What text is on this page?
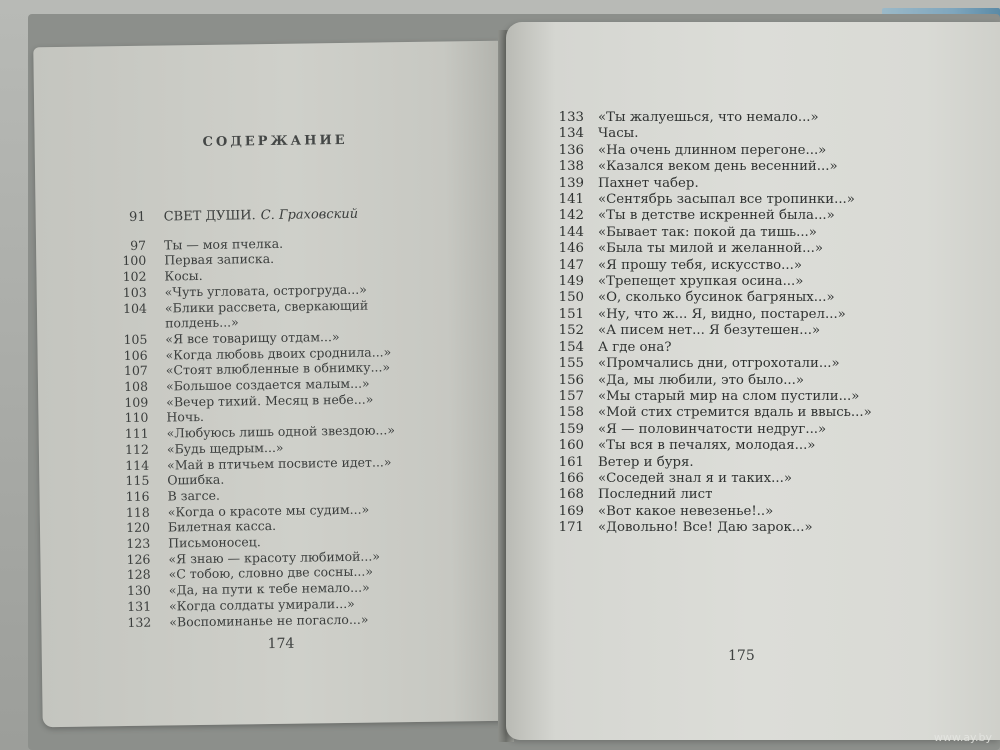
СОДЕРЖАНИЕ
91 СВЕТ ДУШИ. С. Граховский
97 Ты — моя пчелка.
100 Первая записка.
102 Косы.
103 «Чуть угловата, острогруда...»
104 «Блики рассвета, сверкающий
полдень...»
105 «Я все товарищу отдам...»
106 «Когда любовь двоих сроднила...»
107 «Стоят влюбленные в обнимку...»
108 «Большое создается малым...»
109 «Вечер тихий. Месяц в небе...»
110 Ночь.
111 «Любуюсь лишь одной звездою...»
112 «Будь щедрым...»
114 «Май в птичьем посвисте идет...»
115 Ошибка.
116 В загсе.
118 «Когда о красоте мы судим...»
120 Билетная касса.
123 Письмоносец.
126 «Я знаю — красоту любимой...»
128 «С тобою, словно две сосны...»
130 «Да, на пути к тебе немало...»
131 «Когда солдаты умирали...»
132 «Воспоминанье не погасло...»
174
133 «Ты жалуешься, что немало...»
134 Часы.
136 «На очень длинном перегоне...»
138 «Казался веком день весенний...»
139 Пахнет чабер.
141 «Сентябрь засыпал все тропинки...»
142 «Ты в детстве искренней была...»
144 «Бывает так: покой да тишь...»
146 «Была ты милой и желанной...»
147 «Я прошу тебя, искусство...»
149 «Трепещет хрупкая осина...»
150 «О, сколько бусинок багряных...»
151 «Ну, что ж... Я, видно, постарел...»
152 «А писем нет... Я безутешен...»
154 А где она?
155 «Промчались дни, отгрохотали...»
156 «Да, мы любили, это было...»
157 «Мы старый мир на слом пустили...»
158 «Мой стих стремится вдаль и ввысь...»
159 «Я — половинчатости недруг...»
160 «Ты вся в печалях, молодая...»
161 Ветер и буря.
166 «Соседей знал я и таких...»
168 Последний лист
169 «Вот какое невезенье!..»
171 «Довольно! Все! Даю зарок...»
175
www.ay.by
